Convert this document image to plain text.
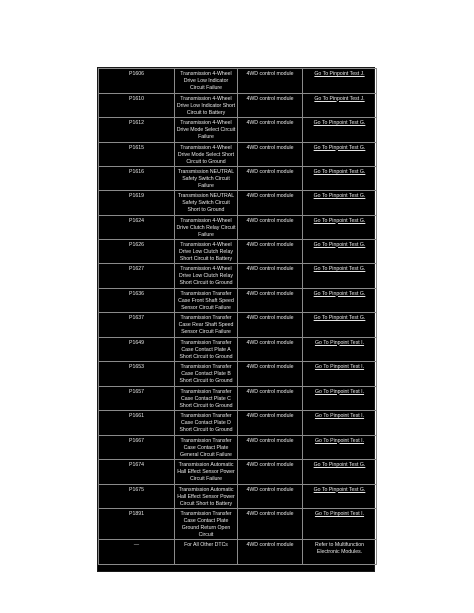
P1606	Transmission 4-Wheel Drive Low Indicator Circuit Failure	4WD control module	Go To Pinpoint Test J.
P1610	Transmission 4-Wheel Drive Low Indicator Short Circuit to Battery	4WD control module	Go To Pinpoint Test J.
P1612	Transmission 4-Wheel Drive Mode Select Circuit Failure	4WD control module	Go To Pinpoint Test G.
P1615	Transmission 4-Wheel Drive Mode Select Short Circuit to Ground	4WD control module	Go To Pinpoint Test G.
P1616	Transmission NEUTRAL Safety Switch Circuit Failure	4WD control module	Go To Pinpoint Test G.
P1619	Transmission NEUTRAL Safety Switch Circuit Short to Ground	4WD control module	Go To Pinpoint Test G.
P1624	Transmission 4-Wheel Drive Clutch Relay Circuit Failure	4WD control module	Go To Pinpoint Test G.
P1626	Transmission 4-Wheel Drive Low Clutch Relay Short Circuit to Battery	4WD control module	Go To Pinpoint Test G.
P1627	Transmission 4-Wheel Drive Low Clutch Relay Short Circuit to Ground	4WD control module	Go To Pinpoint Test G.
P1636	Transmission Transfer Case Front Shaft Speed Sensor Circuit Failure	4WD control module	Go To Pinpoint Test G.
P1637	Transmission Transfer Case Rear Shaft Speed Sensor Circuit Failure	4WD control module	Go To Pinpoint Test G.
P1649	Transmission Transfer Case Contact Plate A Short Circuit to Ground	4WD control module	Go To Pinpoint Test I.
P1653	Transmission Transfer Case Contact Plate B Short Circuit to Ground	4WD control module	Go To Pinpoint Test I.
P1657	Transmission Transfer Case Contact Plate C Short Circuit to Ground	4WD control module	Go To Pinpoint Test I.
P1661	Transmission Transfer Case Contact Plate D Short Circuit to Ground	4WD control module	Go To Pinpoint Test I.
P1667	Transmission Transfer Case Contact Plate General Circuit Failure	4WD control module	Go To Pinpoint Test I.
P1674	Transmission Automatic Hall Effect Sensor Power Circuit Failure	4WD control module	Go To Pinpoint Test G.
P1675	Transmission Automatic Hall Effect Sensor Power Circuit Short to Battery	4WD control module	Go To Pinpoint Test G.
P1891	Transmission Transfer Case Contact Plate Ground Return Open Circuit	4WD control module	Go To Pinpoint Test I.
—	For All Other DTCs	4WD control module	Refer to Multifunction Electronic Modules.
